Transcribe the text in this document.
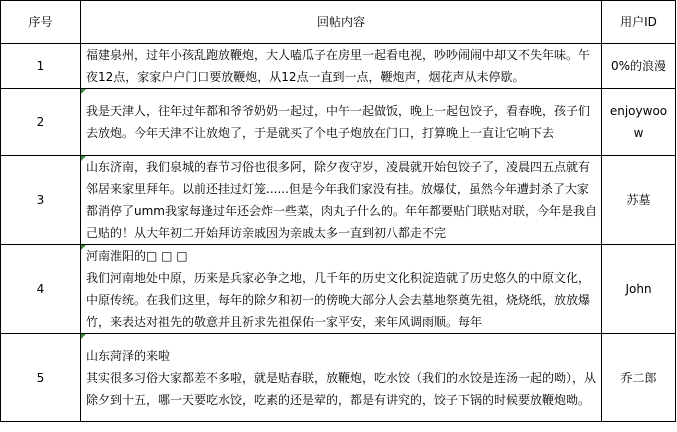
序号	回帖内容	用户ID
1	福建泉州，过年小孩乱跑放鞭炮，大人嗑瓜子在房里一起看电视，吵吵闹闹中却又不失年味。午夜12点，家家户户门口要放鞭炮，从12点一直到一点，鞭炮声，烟花声从未停歇。	0%的浪漫
2	我是天津人，往年过年都和爷爷奶奶一起过，中午一起做饭，晚上一起包饺子，看春晚，孩子们去放炮。今年天津不让放炮了，于是就买了个电子炮放在门口，打算晚上一直让它响下去	enjoywoow
3	山东济南，我们泉城的春节习俗也很多阿，除夕夜守岁，凌晨就开始包饺子了，凌晨四五点就有邻居来家里拜年。以前还挂过灯笼......但是今年我们家没有挂。放爆仗，虽然今年遭封杀了大家都消停了umm我家每逢过年还会炸一些菜，肉丸子什么的。年年都要贴门联贴对联，今年是我自己贴的！从大年初二开始拜访亲戚因为亲戚太多一直到初八都走不完	苏墓
4	河南淮阳的□ □ □
我们河南地处中原，历来是兵家必争之地，几千年的历史文化积淀造就了历史悠久的中原文化，中原传统。在我们这里，每年的除夕和初一的傍晚大部分人会去墓地祭奠先祖，烧烧纸，放放爆竹，来表达对祖先的敬意并且祈求先祖保佑一家平安，来年风调雨顺。每年	John
5	山东菏泽的来啦
其实很多习俗大家都差不多啦，就是贴春联，放鞭炮，吃水饺（我们的水饺是连汤一起的呦），从除夕到十五，哪一天要吃水饺，吃素的还是荤的，都是有讲究的，饺子下锅的时候要放鞭炮呦。	乔二郎
